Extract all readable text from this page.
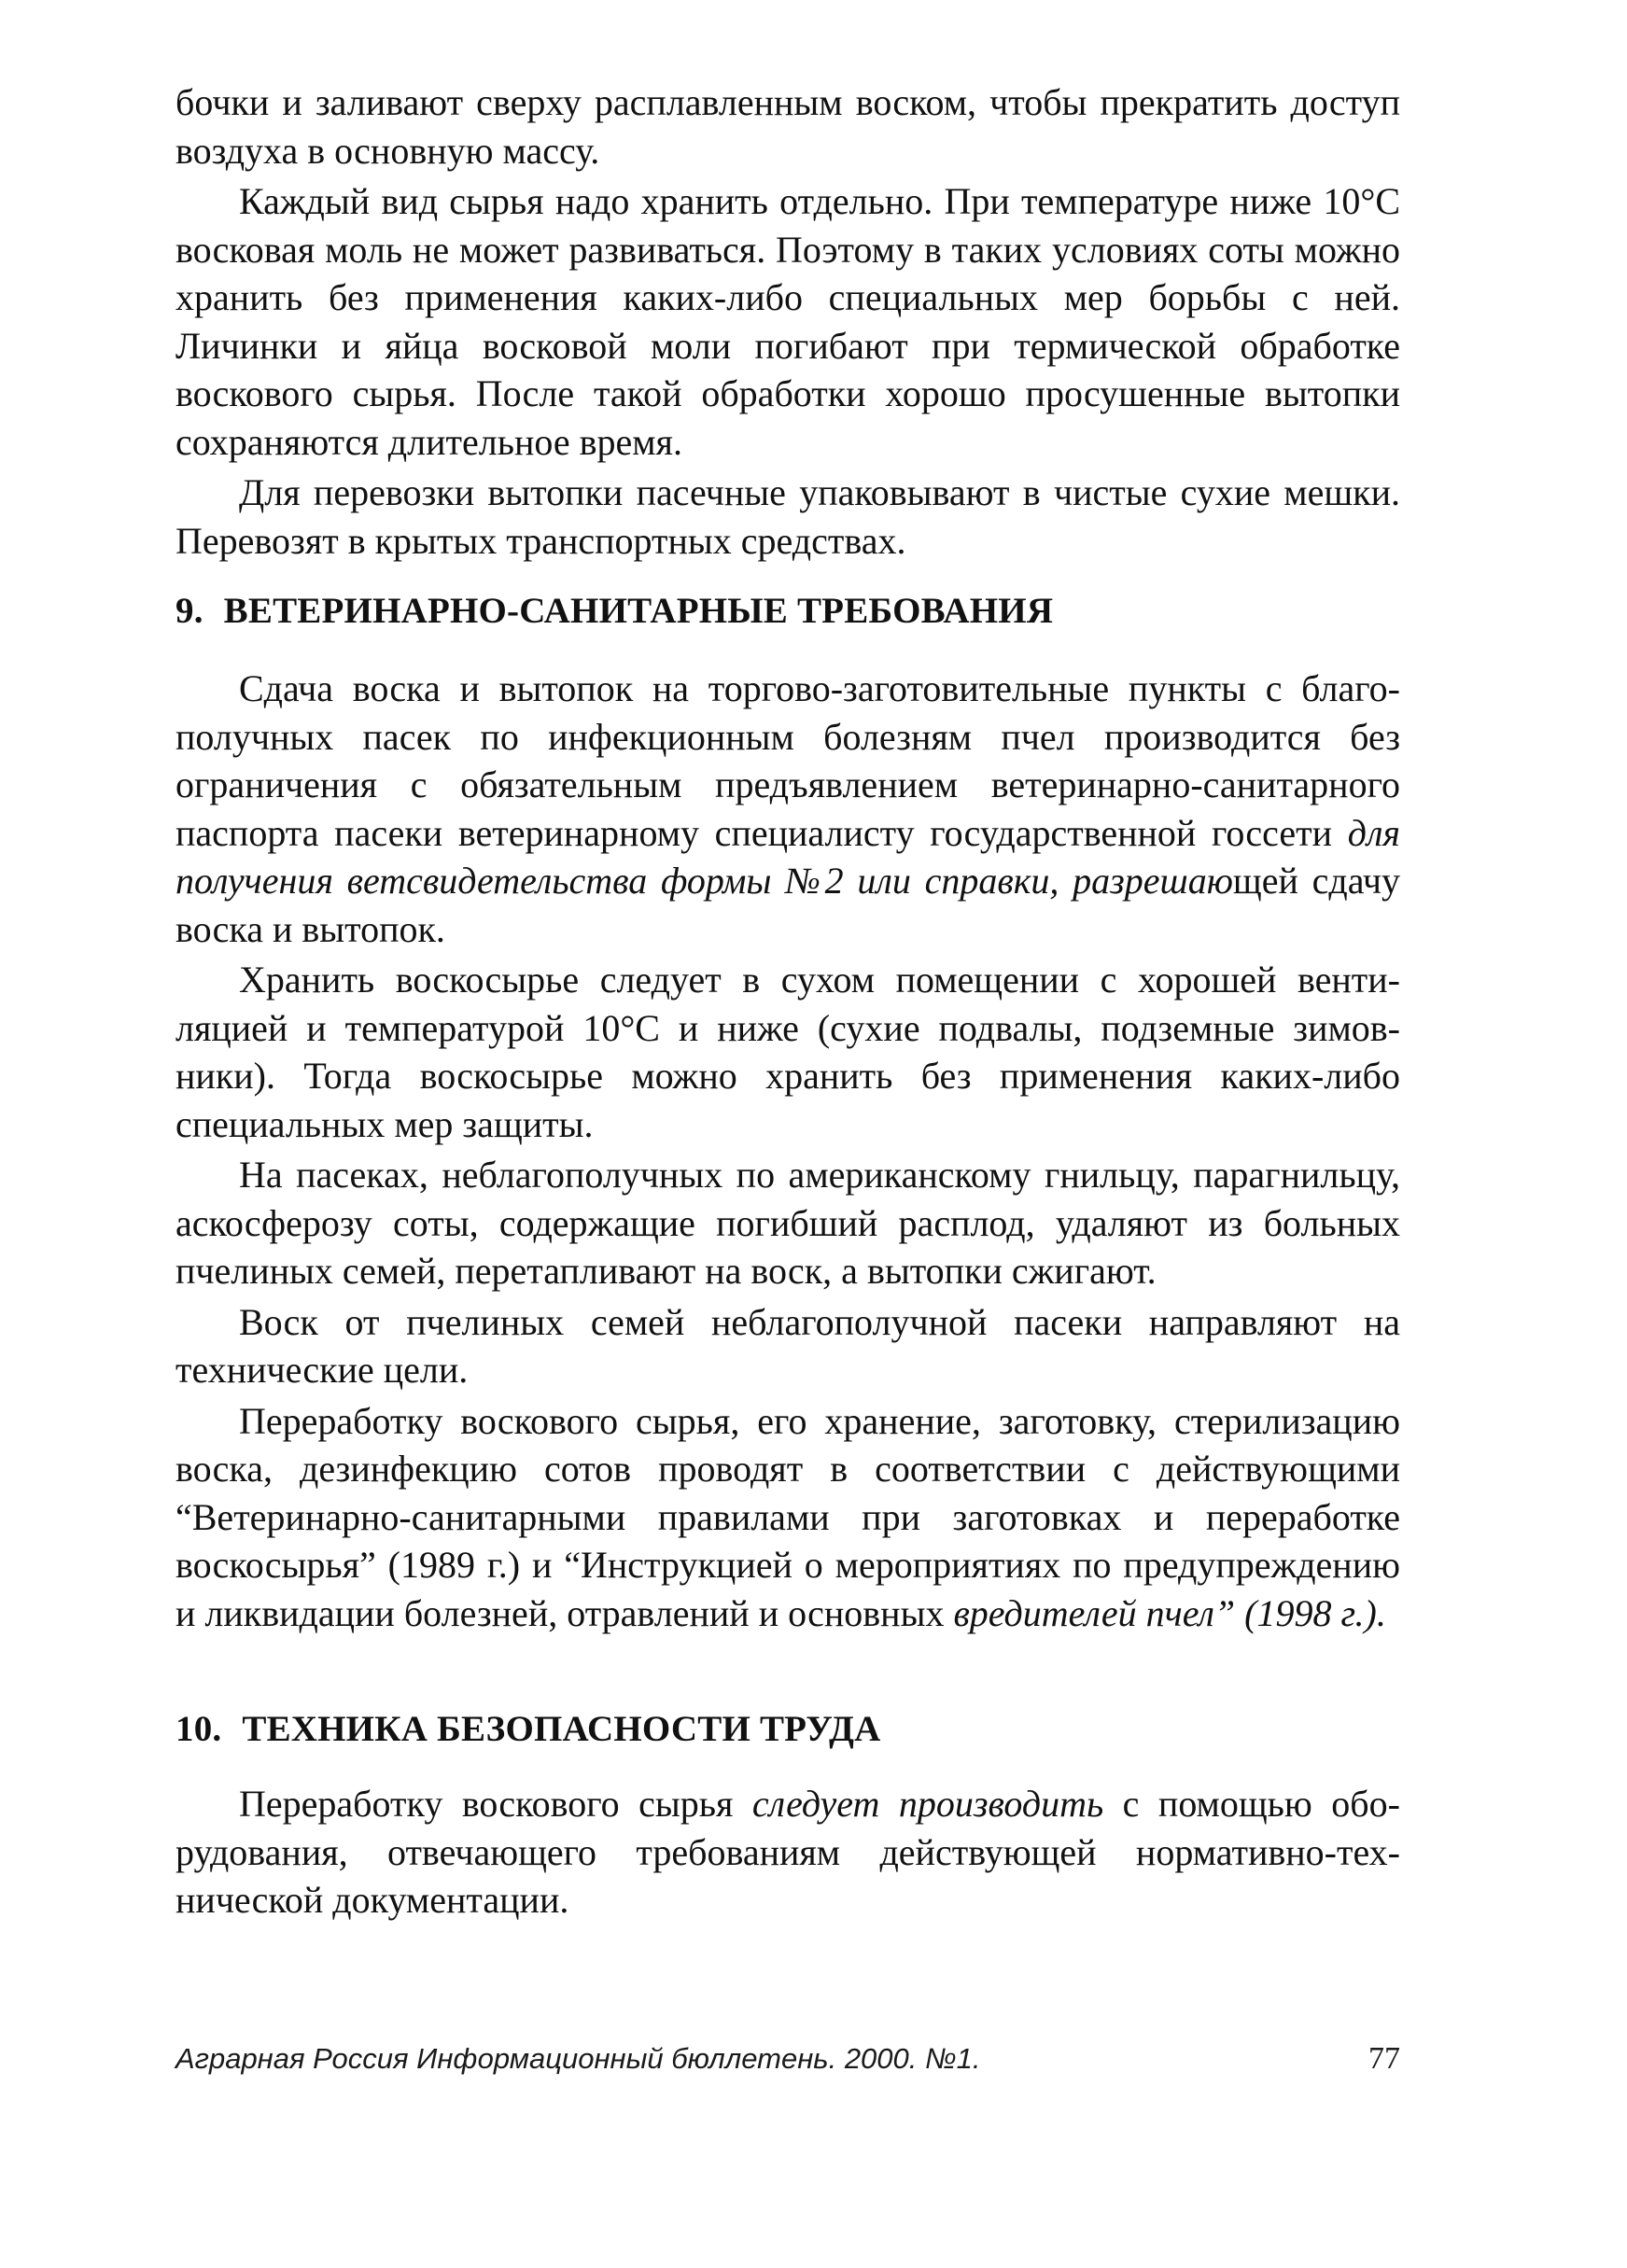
бочки и заливают сверху расплавленным воском, чтобы прекратить доступ воздуха в основную массу.

Каждый вид сырья надо хранить отдельно. При температуре ниже 10°С восковая моль не может развиваться. Поэтому в таких условиях соты можно хранить без применения каких-либо специальных мер борьбы с ней. Личинки и яйца восковой моли погибают при термической обработке воскового сырья. После такой обработки хорошо просушенные вытопки сохраняются длительное время.

Для перевозки вытопки пасечные упаковывают в чистые сухие мешки. Перевозят в крытых транспортных средствах.

9. ВЕТЕРИНАРНО-САНИТАРНЫЕ ТРЕБОВАНИЯ

Сдача воска и вытопок на торгово-заготовительные пункты с благополучных пасек по инфекционным болезням пчел производится без ограничения с обязательным предъявлением ветеринарно-санитарного паспорта пасеки ветеринарному специалисту государственной госсети для получения ветсвидетельства формы №2 или справки, разрешающей сдачу воска и вытопок.

Хранить воскосырье следует в сухом помещении с хорошей вентиляцией и температурой 10°С и ниже (сухие подвалы, подземные зимовники). Тогда воскосырье можно хранить без применения каких-либо специальных мер защиты.

На пасеках, неблагополучных по американскому гнильцу, парагнильцу, аскосферозу соты, содержащие погибший расплод, удаляют из больных пчелиных семей, перетапливают на воск, а вытопки сжигают.

Воск от пчелиных семей неблагополучной пасеки направляют на технические цели.

Переработку воскового сырья, его хранение, заготовку, стерилизацию воска, дезинфекцию сотов проводят в соответствии с действующими “Ветеринарно-санитарными правилами при заготовках и переработке воскосырья” (1989 г.) и “Инструкцией о мероприятиях по предупреждению и ликвидации болезней, отравлений и основных вредителей пчел” (1998 г.).

10. ТЕХНИКА БЕЗОПАСНОСТИ ТРУДА

Переработку воскового сырья следует производить с помощью оборудования, отвечающего требованиям действующей нормативно-технической документации.

Аграрная Россия Информационный бюллетень. 2000. №1.	77
